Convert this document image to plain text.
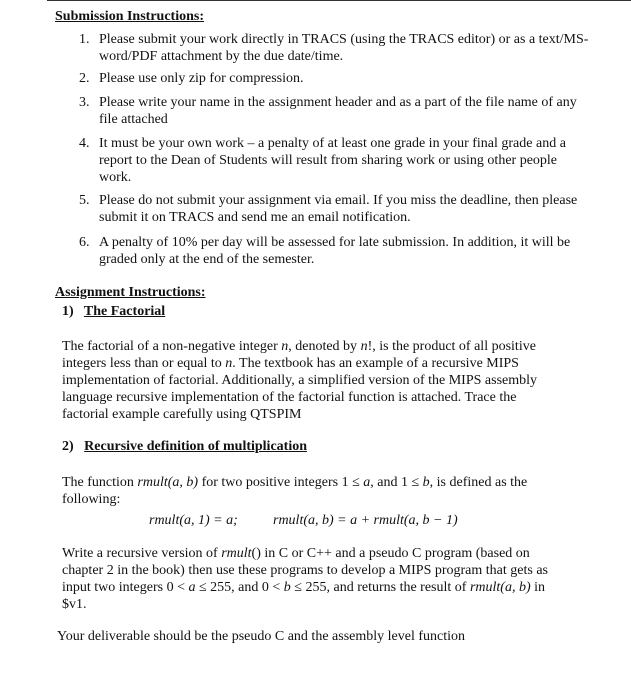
Submission Instructions:
1. Please submit your work directly in TRACS (using the TRACS editor) or as a text/MS-word/PDF attachment by the due date/time.
2. Please use only zip for compression.
3. Please write your name in the assignment header and as a part of the file name of any file attached
4. It must be your own work – a penalty of at least one grade in your final grade and a report to the Dean of Students will result from sharing work or using other people work.
5. Please do not submit your assignment via email. If you miss the deadline, then please submit it on TRACS and send me an email notification.
6. A penalty of 10% per day will be assessed for late submission. In addition, it will be graded only at the end of the semester.
Assignment Instructions:
1) The Factorial
The factorial of a non-negative integer n, denoted by n!, is the product of all positive integers less than or equal to n. The textbook has an example of a recursive MIPS implementation of factorial. Additionally, a simplified version of the MIPS assembly language recursive implementation of the factorial function is attached. Trace the factorial example carefully using QTSPIM
2) Recursive definition of multiplication
The function rmult(a, b) for two positive integers 1 ≤ a, and 1 ≤ b, is defined as the following:
rmult(a, 1) = a;	rmult(a, b) = a + rmult(a, b − 1)
Write a recursive version of rmult() in C or C++ and a pseudo C program (based on chapter 2 in the book) then use these programs to develop a MIPS program that gets as input two integers 0 < a ≤ 255, and 0 < b ≤ 255, and returns the result of rmult(a, b) in $v1.
Your deliverable should be the pseudo C and the assembly level function
